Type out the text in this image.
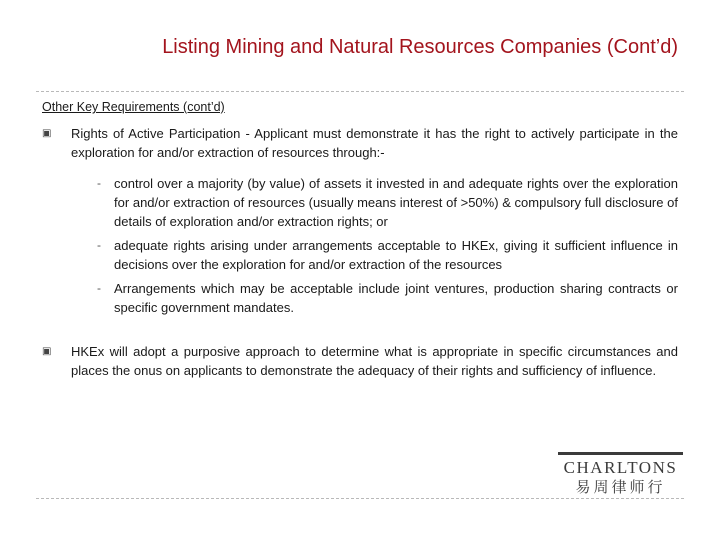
Listing Mining and Natural Resources Companies (Cont’d)
Other Key Requirements (cont’d)
▣ Rights of Active Participation - Applicant must demonstrate it has the right to actively participate in the exploration for and/or extraction of resources through:-

- control over a majority (by value) of assets it invested in and adequate rights over the exploration for and/or extraction of resources (usually means interest of >50%) & compulsory full disclosure of details of exploration and/or extraction rights; or

- adequate rights arising under arrangements acceptable to HKEx, giving it sufficient influence in decisions over the exploration for and/or extraction of the resources

- Arrangements which may be acceptable include joint ventures, production sharing contracts or specific government mandates.

▣ HKEx will adopt a purposive approach to determine what is appropriate in specific circumstances and places the onus on applicants to demonstrate the adequacy of their rights and sufficiency of influence.

CHARLTONS
易周律师行
